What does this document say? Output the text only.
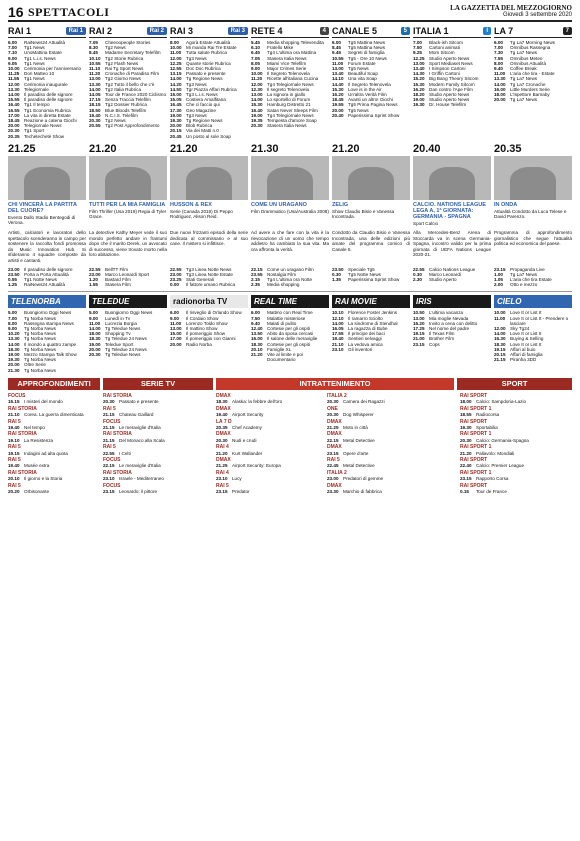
16 SPETTACOLI	LA GAZZETTA DEL MEZZOGIORNO
Giovedì 3 settembre 2020
RAI 1	Rai 1
6.00	RaiNews24 Attualità
7.00	Tg1 News
7.10	UnoMattina Estate
9.00	Tg1 L.i.s. News
9.05	Tg1 News
10.00 Cerimonia per l'anniversario
11.25	Don Matteo 10
11.55	Tg1 News
12.00 Cerimonia inaugurale
13.30 Telegiornale
14.00 Il paradiso delle signore
15.55 Il paradiso delle signore
16.40 Tg1 Il tempo
16.55 Tg1 Economia Rubrica
17.00 La vita in diretta Estate
18.45 Reazione a catena Giochi
20.00 Telegiornale News
20.30 Tg1 Sport
20.35 Techetechetè Show
RAI 2	Rai 2
7.05	Cheeoopeople Stories
8.30	Tg2 News
8.45	Madame Secretary Telefilm
10.10 Tg2 Storie Rubrica
10.55 Tg2 Flash News
11.10	Rai Tg Sport News
11.20	Cronache di Paradiso Film
13.00 Tg2 Giorno News
13.30 Tg2 Tutto il bello che c'è
14.00 Tg2 Italia Rubrica
14.05 Tour de France 2020 Ciclismo
17.15 Senza Traccia Telefilm
18.15 Tg2 Dossier Rubrica
18.50 Blue Bloods Telefilm
19.40 N.C.I.S. Telefilm
20.30 Tg2 News
20.55 Tg2 Post Approfondimento
RAI 3	Rai 3
8.00	Agorà Estate Attualità
10.00 Mi manda Rai Tre Estate
11.00	Tutta salute Rubrica
12.00 Tg3 News
12.25 Quante storie Rubrica
12.55 Doc Doc Rubrica
13.15 Passato e presente
14.00 Tg Regione News
14.20 Tg3 News
14.50 Tgr Piazza Affari Rubrica
15.00 Tg3 L.i.s. News
15.05 Costiera Amalfitana
16.45 Che ci faccio qui
17.30 Geo Magazine
19.00 Tg3 News
19.30 Tg Regione News
20.00 Blob Rubrica
20.15 Via dei Matti n.0
20.45 Un posto al sole Soap
RETE 4	4
5.45	Media shopping Televendita
6.10	Fratello Mike
6.45	Tg4 L'ultima ora Mattina
7.05	Stasera Italia News
8.05	Miami Vice Telefilm
9.00	Major Crimes Serie
10.00 Il Segreto Telenovela
11.20	Ricette all'italiana Cucina
12.00 Tg4 Telegiornale News
12.30 Il segreto Telenovela
13.00 La signora in giallo
14.00 Lo sportello di Forum
15.30 Hamburg Distretto 21
16.40 Satan Never Sleeps Film
19.00 Tg4 Telegiornale News
19.35 Tempesta d'amore Soap
20.30 Stasera Italia News
CANALE 5	5
6.00	Tg5 Mattina News
8.45	Tg5 Mattina News
9.45	Segreti di famiglia
10.55 Tg5 - Ore 10 News
11.00	Forum Estate
13.00 Tg5 News
13.40 Beautiful Soap
14.10 Una vita Soap
14.40 Il Segreto Telenovela
15.30 Love is in the Air
16.20 Un'altra Verità Film
18.45 Avanti un altro! Giochi
19.55 Tg5 Prima Pagina News
20.00 Tg5 News
20.40 Paperissima Sprint Show
ITALIA 1	I
7.00	Black-ish Sitcom
7.50	Cartoni animati
9.25	Mom Sitcom
12.25 Studio Aperto News
13.00 Sport Mediaset News
13.40 I Simpson Cartoni
14.30 I Griffin Cartoni
15.20 Big Bang Theory Sitcom
15.30 Modern Family Sitcom
16.20 Dan contro l'Ape Film
18.20 Studio Aperto News
19.00 Studio Aperto News
19.30 Dr. House Telefilm
LA 7	7
6.00	Tg La7 Morning News
7.00	Omnibus Rassegna
7.30	Tg La7 News
7.55	Omnibus Meteo
8.00	Omnibus Attualità
9.40	Coffee Break
11.00	L'aria che tira - Estate
13.30 Tg La7 News
14.00 Tg La7 Cronache
16.00 Little Murders Serie
18.00 L'Ispettore Barnaby
20.00 Tg La7 News
21.25
CHI VINCERÀ LA PARTITA DEL CUORE?
Evento Dallo Stadio Bentegodi di Verona.
21.20
TUTTI PER LA MIA FAMIGLIA
Film Thriller (Usa 2019) Regia di Tyler Grace.
21.20
HUSSON & REX
Serie (Canada 2019) Di Peppo Rodriguez, Alison Reid.
21.30
COME UN URAGANO
Film Drammatico (Usa/Australia 2008)
21.20
ZELIG
Show Claudio Bisio e Vanessa Incontrada.
20.40
CALCIO. NATIONS LEAGUE LEGA A, 1ª GIORNATA: GERMANIA - SPAGNA
Sport Calcio
20.35
IN ONDA
Attualità Condotto da Luca Telese e David Parenzo.

Artisti, calciatori e lavoratori dello spettacolo scenderanno in campo per sostenere la raccolta fondi promossa da Music Innovation Hub. Si sfideranno 4 squadre composte da artisti e cantanti.

La detective Kathy Meyer vede il suo mondo perfetto andare in frantumi dopo che il marito Derek, un avvocato di successo, viene trovato morto nella loro abitazione.

Due nuovi frizzanti episodi della serie dedicata al commissario e al suo cane. Il mistero si infittisce.

Ad avere a che fare con la vita è la rievocazione di un uomo che tempo addietro ha cambiato la sua vita. Ma ora affronta la verità.

Condotto da Claudio Bisio e Vanessa Incontrada, una delle edizioni più amate del programma comico di Canale 5.

Alla Mercedes-Benz Arena di Stoccarda va in scena Germania-Spagna, incontro valido per la prima giornata di UEFA Nations League 2020-21.

Programma di approfondimento giornalistico che segue l'attualità politica ed economica del paese.

23.00 Il paradiso delle signore
23.50 Porta a Porta Attualità
0.55	Tg1 Notte News
1.25	RaiNews24 Attualità
22.55 BellTT Film
23.00 Marco Leonardi Sport
1.20	Bastard Film
1.55	Stasera Film
22.55 Tg3 Linea Notte News
23.00 Tg3 Linea Notte Estate
23.25 Stati Generali
0.00	Il fattore umano Rubrica
22.15 Come un uragano Film
23.55 Nostalgia Film
2.15	Tg4 L'ultima ora Notte
2.35	Media shopping
23.50 Speciale Tg5
0.30	Tg5 Notte News
1.35	Paperissima Sprint Show
22.55 Calcio Nations League
0.30	Marco Leonardi
2.30	Studio Aperto
23.15 Propaganda Live
1.00	Tg La7 News
1.05	L'aria che tira Estate
2.00	Otto e mezzo
TELENORBA
5.00	Buongiorno Oggi News
7.00	Tg Norba News
8.00	Rassegna stampa News
9.00	Tg Norba News
10.20 Tg Norba News
13.30 Tg Norba News
14.00 Il mondo a quattro zampe
18.30 Tg Norba News
19.00 Mezzo Stampa Talk Show
19.30 Tg Norba News
20.00 Oltre Serie
21.30 Tg Norba News
TELEDUE
5.00	Buongiorno Oggi News
9.00	Lunedì in Tv
11.00	Lucrezia Borgia
14.00 Tg Teledue News
18.00 Shopping Tv
18.30 Tg Teledue 24 News
19.00 Teledue Sport
20.00 Tg Teledue 24 News
20.30 Tg Teledue News
radionorba TV
6.00	Il risveglio di Orlando Show
9.00	Il Cordaio Show
11.00	Lorenzo Toldo Show
13.00 Il mattino Show
15.00 Il pomeriggio Show
17.00 Il pomeriggio con Gianni
20.00 Radio Norba
REAL TIME
6.00	Mattino con Real Time
7.50	Malattie misteriose
9.40	Malati di pulito
12.40 Cortesie per gli ospiti
13.50 Abito da sposa cercasi
16.00 Il salone delle meraviglie
18.30 Cortesie per gli ospiti
20.10 Famiglie XL
21.20 Vite al limite e poi Documentario
RAI MOVIE
10.10 Florence Foster Jenkins
12.10 Il ramarro Sciolto
14.00 La sindrome di Stendhal
16.05 La ragazza di Bube
17.55 Il principe dei baci
19.40 Sentieri selvaggi
21.10 La vedova amica
23.10 Gli inventori
IRIS
10.50 L'ultima vacanza
13.00 Mia moglie Nevada
15.20 Invito a cena con delitto
17.25 Nel nome del padre
19.15 Il Texas Film
21.00 Brother Film
23.15 Cops
CIELO
10.00 Love It or List It
11.00	Love It or List It - Prendere o lasciare
12.00 Sky Tg24
14.00 Love It or List It
16.30 Buying & Selling
18.30 Love It or List It
19.15 Affari al buio
20.15 Affari di famiglia
21.15 Piranha 3DD
APPROFONDIMENTI	SERIE TV	INTRATTENIMENTO	SPORT
FOCUS
15.15 I misteri del mondo
RAI STORIA
21.10 Corea. La guerra dimenticata
RAI 5
19.40 Nel tempo
RAI STORIA
19.10 La Resistenza
RAI 5
19.15 Indagini ad alta quota
RAI 5
19.40 Musée extra
RAI STORIA
20.10 Il giorno e la Storia
RAI 5
20.20 Orbisonante
RAI STORIA
20.30 Passato e presente
RAI 5
21.15 Chateau Gaillard
FOCUS
21.15 Le meraviglie d'Italia
RAI STORIA
21.15 Del Monaco alla Scala
RAI 5
22.55 I Celti
FOCUS
22.15 Le meraviglie d'Italia
RAI STORIA
23.10 Israele - Mediterraneo
FOCUS
23.15 Leonardo: il pittore
DMAX
18.30 Alaska: la febbre dell'oro
DMAX
19.40 Airport Security
LA 7 D
20.35 Chef Academy
DMAX
20.30 Nudi e crudi
RAI 4
21.20 Kurt Wallander
DMAX
21.25 Airport Security: Europa
RAI 4
23.10 Lucy
RAI 5
23.15 Predator
ITALIA 2
20.30 Camera dei Ragazzi
ONE
20.30 Dog Whisperer
DMAX
21.25 Moto in città
DMAX
22.15 Metal Detective
DMAX
23.15 Opere d'arte
RAI 5
22.45 Metal Detective
ITALIA 2
23.00 Predatori di gemme
DMAX
23.30 Marchio di fabbrica
RAI SPORT
18.00 Calcio: Sampdoria-Lazio
RAI SPORT 1
18.55 Radiocorsa
RAI SPORT
19.30 Sportabilia
RAI SPORT 1
20.30 Calcio: Germania-Spagna
RAI SPORT 1
21.20 Pallavolo: Mondiali
RAI SPORT
22.40 Calcio: Premier League
RAI SPORT 1
23.15 Rapporto Corsa
RAI SPORT
0.15	Tour de France
